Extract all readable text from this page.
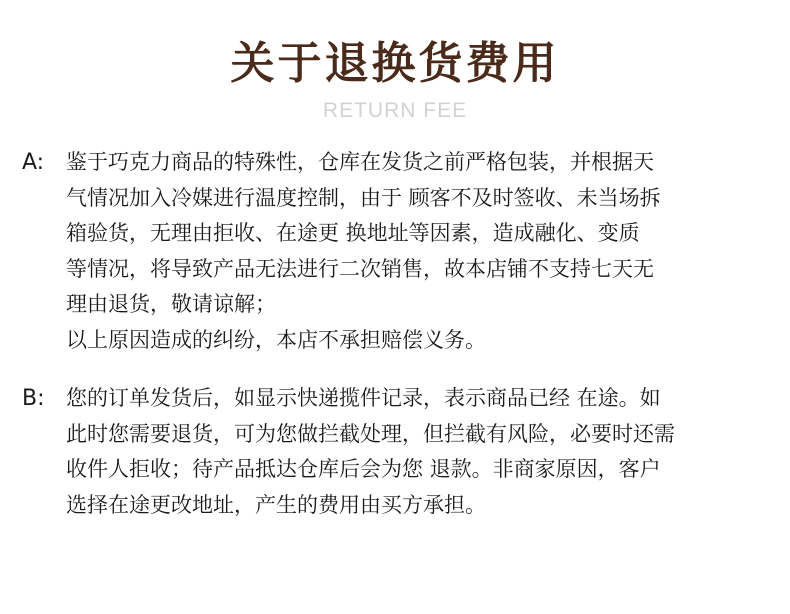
关于退换货费用
RETURN FEE
A: 鉴于巧克力商品的特殊性，仓库在发货之前严格包装，并根据天
气情况加入冷媒进行温度控制，由于 顾客不及时签收、未当场拆
箱验货，无理由拒收、在途更 换地址等因素，造成融化、变质
等情况，将导致产品无法进行二次销售，故本店铺不支持七天无
理由退货，敬请谅解；
以上原因造成的纠纷，本店不承担赔偿义务。
B: 您的订单发货后，如显示快递揽件记录，表示商品已经 在途。如
此时您需要退货，可为您做拦截处理，但拦截有风险，必要时还需
收件人拒收；待产品抵达仓库后会为您 退款。非商家原因，客户
选择在途更改地址，产生的费用由买方承担。
